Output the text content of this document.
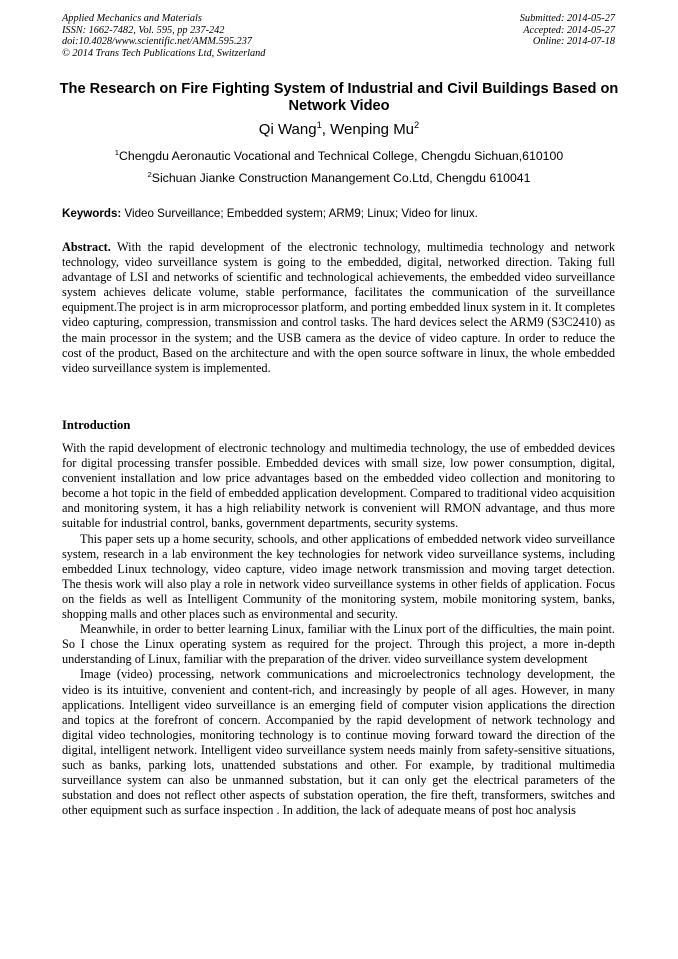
Applied Mechanics and Materials
ISSN: 1662-7482, Vol. 595, pp 237-242
doi:10.4028/www.scientific.net/AMM.595.237
© 2014 Trans Tech Publications Ltd, Switzerland
Submitted: 2014-05-27
Accepted: 2014-05-27
Online: 2014-07-18
The Research on Fire Fighting System of Industrial and Civil Buildings Based on Network Video
Qi Wang$^1$, Wenping Mu$^2$
$^1$Chengdu Aeronautic Vocational and Technical College, Chengdu Sichuan,610100
$^2$Sichuan Jianke Construction Manangement Co.Ltd, Chengdu 610041
Keywords: Video Surveillance; Embedded system; ARM9; Linux; Video for linux.
Abstract. With the rapid development of the electronic technology, multimedia technology and network technology, video surveillance system is going to the embedded, digital, networked direction. Taking full advantage of LSI and networks of scientific and technological achievements, the embedded video surveillance system achieves delicate volume, stable performance, facilitates the communication of the surveillance equipment.The project is in arm microprocessor platform, and porting embedded linux system in it. It completes video capturing, compression, transmission and control tasks. The hard devices select the ARM9 (S3C2410) as the main processor in the system; and the USB camera as the device of video capture. In order to reduce the cost of the product, Based on the architecture and with the open source software in linux, the whole embedded video surveillance system is implemented.
Introduction

With the rapid development of electronic technology and multimedia technology, the use of embedded devices for digital processing transfer possible. Embedded devices with small size, low power consumption, digital, convenient installation and low price advantages based on the embedded video collection and monitoring to become a hot topic in the field of embedded application development. Compared to traditional video acquisition and monitoring system, it has a high reliability network is convenient will RMON advantage, and thus more suitable for industrial control, banks, government departments, security systems.

This paper sets up a home security, schools, and other applications of embedded network video surveillance system, research in a lab environment the key technologies for network video surveillance systems, including embedded Linux technology, video capture, video image network transmission and moving target detection. The thesis work will also play a role in network video surveillance systems in other fields of application. Focus on the fields as well as Intelligent Community of the monitoring system, mobile monitoring system, banks, shopping malls and other places such as environmental and security.

Meanwhile, in order to better learning Linux, familiar with the Linux port of the difficulties, the main point. So I chose the Linux operating system as required for the project. Through this project, a more in-depth understanding of Linux, familiar with the preparation of the driver. video surveillance system development

Image (video) processing, network communications and microelectronics technology development, the video is its intuitive, convenient and content-rich, and increasingly by people of all ages. However, in many applications. Intelligent video surveillance is an emerging field of computer vision applications the direction and topics at the forefront of concern. Accompanied by the rapid development of network technology and digital video technologies, monitoring technology is to continue moving forward toward the direction of the digital, intelligent network. Intelligent video surveillance system needs mainly from safety-sensitive situations, such as banks, parking lots, unattended substations and other. For example, by traditional multimedia surveillance system can also be unmanned substation, but it can only get the electrical parameters of the substation and does not reflect other aspects of substation operation, the fire theft, transformers, switches and other equipment such as surface inspection . In addition, the lack of adequate means of post hoc analysis
